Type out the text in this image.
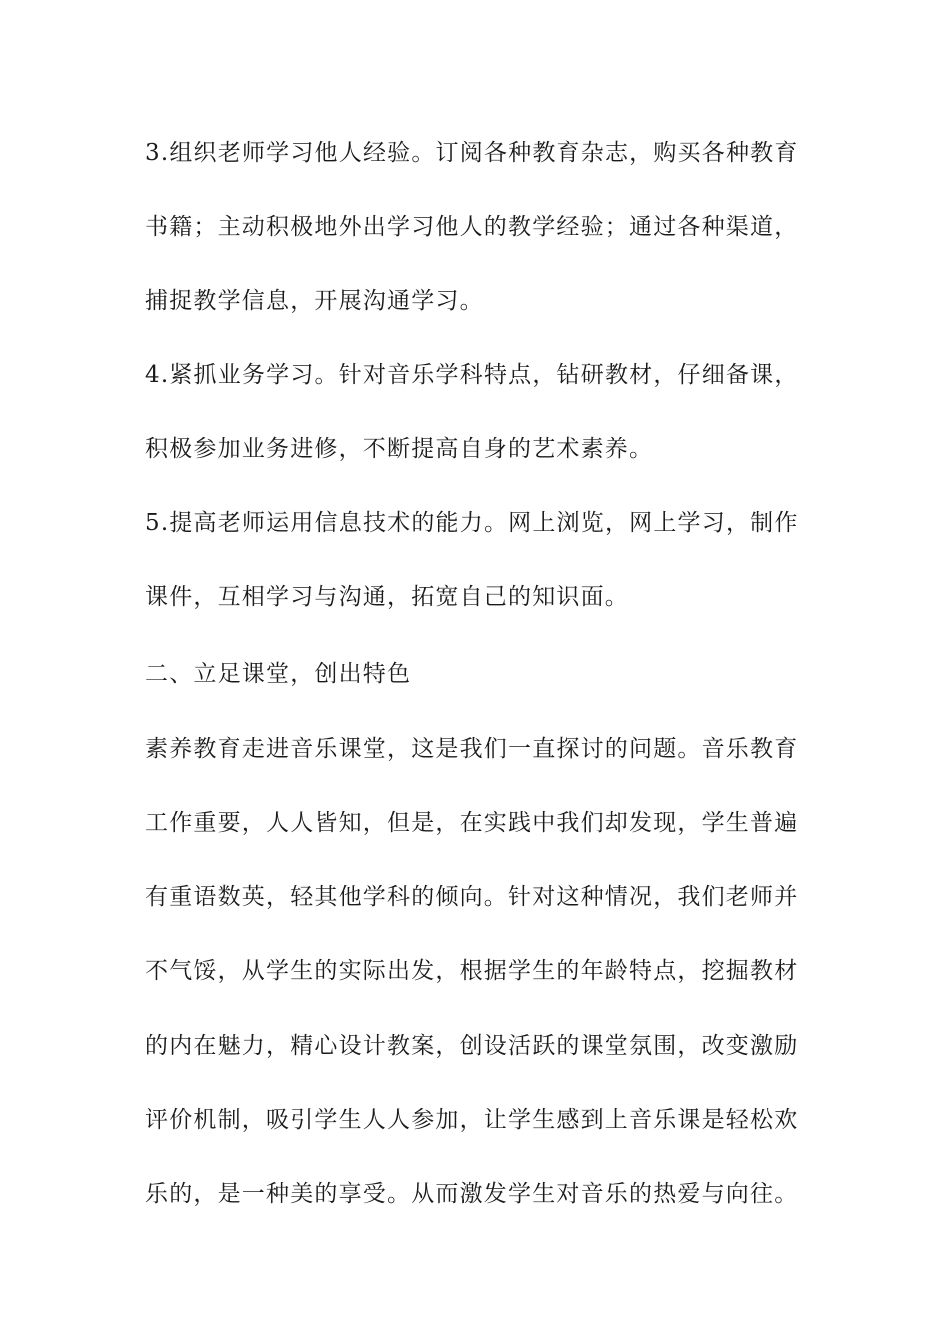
3.组织老师学习他人经验。订阅各种教育杂志，购买各种教育
书籍；主动积极地外出学习他人的教学经验；通过各种渠道，
捕捉教学信息，开展沟通学习。
4.紧抓业务学习。针对音乐学科特点，钻研教材，仔细备课，
积极参加业务进修，不断提高自身的艺术素养。
5.提高老师运用信息技术的能力。网上浏览，网上学习，制作
课件，互相学习与沟通，拓宽自己的知识面。
二、立足课堂，创出特色
素养教育走进音乐课堂，这是我们一直探讨的问题。音乐教育
工作重要，人人皆知，但是，在实践中我们却发现，学生普遍
有重语数英，轻其他学科的倾向。针对这种情况，我们老师并
不气馁，从学生的实际出发，根据学生的年龄特点，挖掘教材
的内在魅力，精心设计教案，创设活跃的课堂氛围，改变激励
评价机制，吸引学生人人参加，让学生感到上音乐课是轻松欢
乐的，是一种美的享受。从而激发学生对音乐的热爱与向往。
